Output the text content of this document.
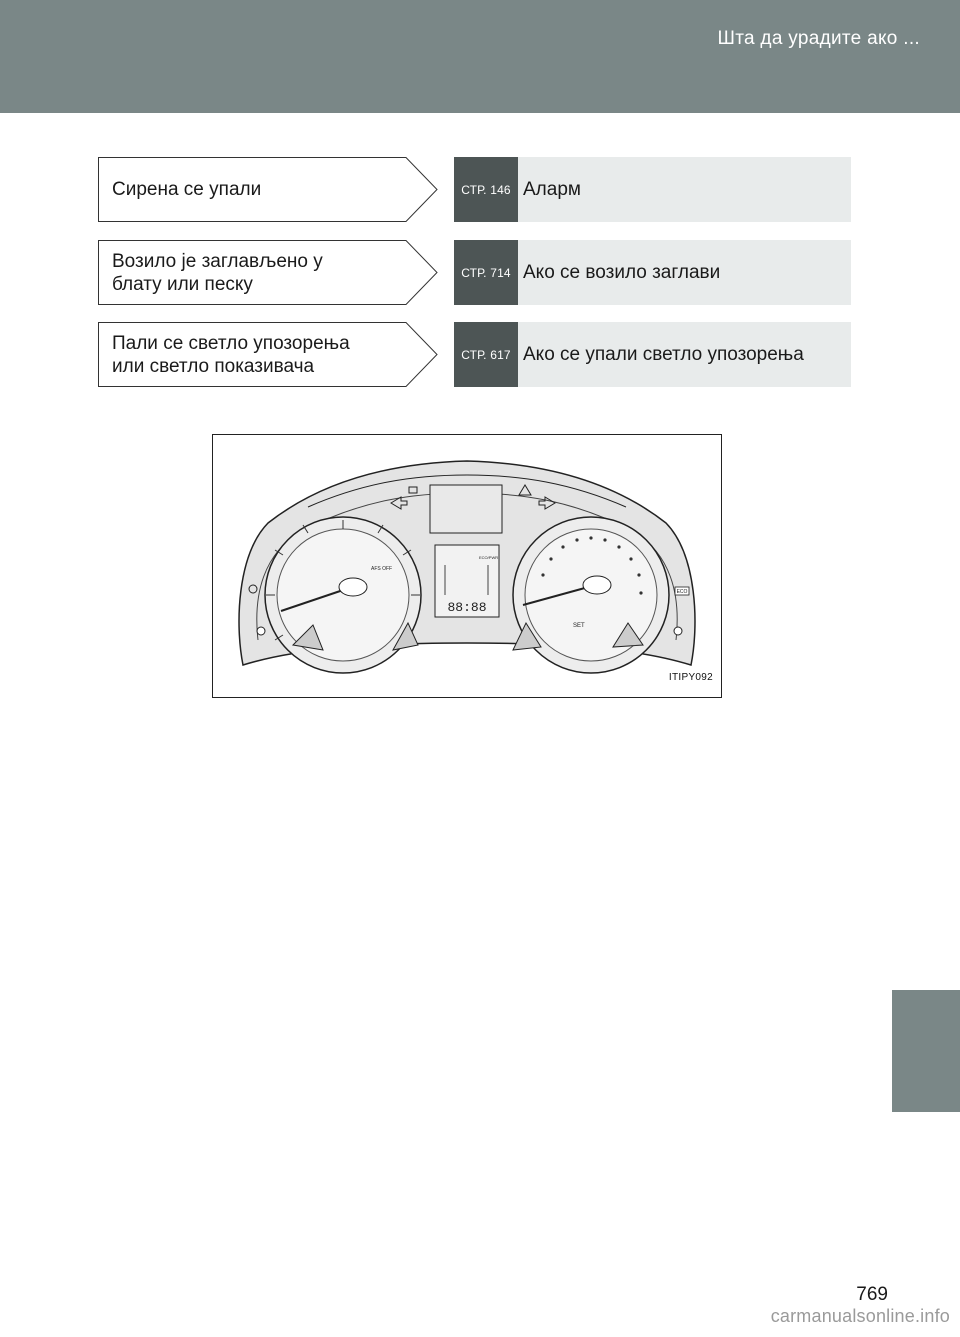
Шта да урадите ако ...
Сирена се упали	СТР. 146 Аларм
Возило је заглављено у
блату или песку
СТР. 714 Ако се возило заглави
Пали се светло упозорења
или светло показивача
СТР. 617 Ако се упали светло упозорења
88:88
AFS OFF
SET
ECO
ECO/PWR
ITIPY092
769
carmanualsonline.info
